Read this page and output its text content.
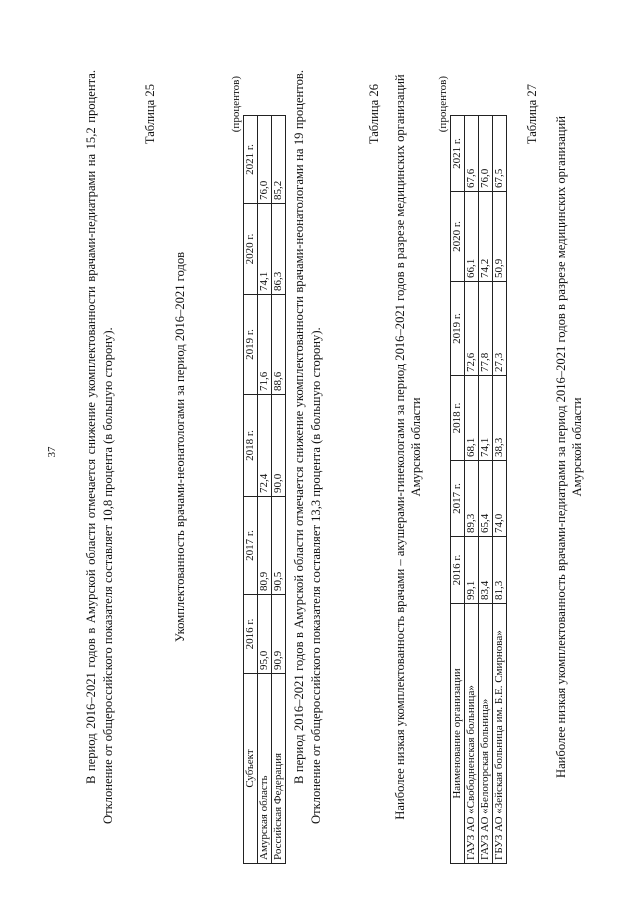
37 В период 2016–2021 годов в Амурской области отмечается снижение укомплектованности врачами-педиатрами на 15,2 процента. Отклонение от общероссийского показателя составляет 10,8 процента (в большую сторону).
Таблица 25
Укомплектованность врачами-неонатологами за период 2016–2021 годов
(процентов)
Субъект	2016 г.	2017 г.	2018 г.	2019 г.	2020 г.	2021 г.
Амурская область	95,0	80,9	72,4	71,6	74,1	76,0
Российская Федерация	90,9	90,5	90,0	88,6	86,3	85,2 В период 2016–2021 годов в Амурской области отмечается снижение укомплектованности врачами-неонатологами на 19 процентов. Отклонение от общероссийского показателя составляет 13,3 процента (в большую сторону).
Таблица 26 Наиболее низкая укомплектованность врачами – акушерами-гинекологами за период 2016–2021 годов в разрезе медицинских организаций Амурской области
(процентов)
Наименование организации	2016 г.	2017 г.	2018 г.	2019 г.	2020 г.	2021 г.
ГАУЗ АО «Свободненская больница»	99,1	89,3	68,1	72,6	66,1	67,6
ГАУЗ АО «Белогорская больница»	83,4	65,4	74,1	77,8	74,2	76,0
ГБУЗ АО «Зейская больница им. Б.Е. Смирнова»	81,3	74,0	38,3	27,3	50,9	67,5
Таблица 27
Наиболее низкая укомплектованность врачами-педиатрами за период 2016–2021 годов в разрезе медицинских организаций Амурской области
